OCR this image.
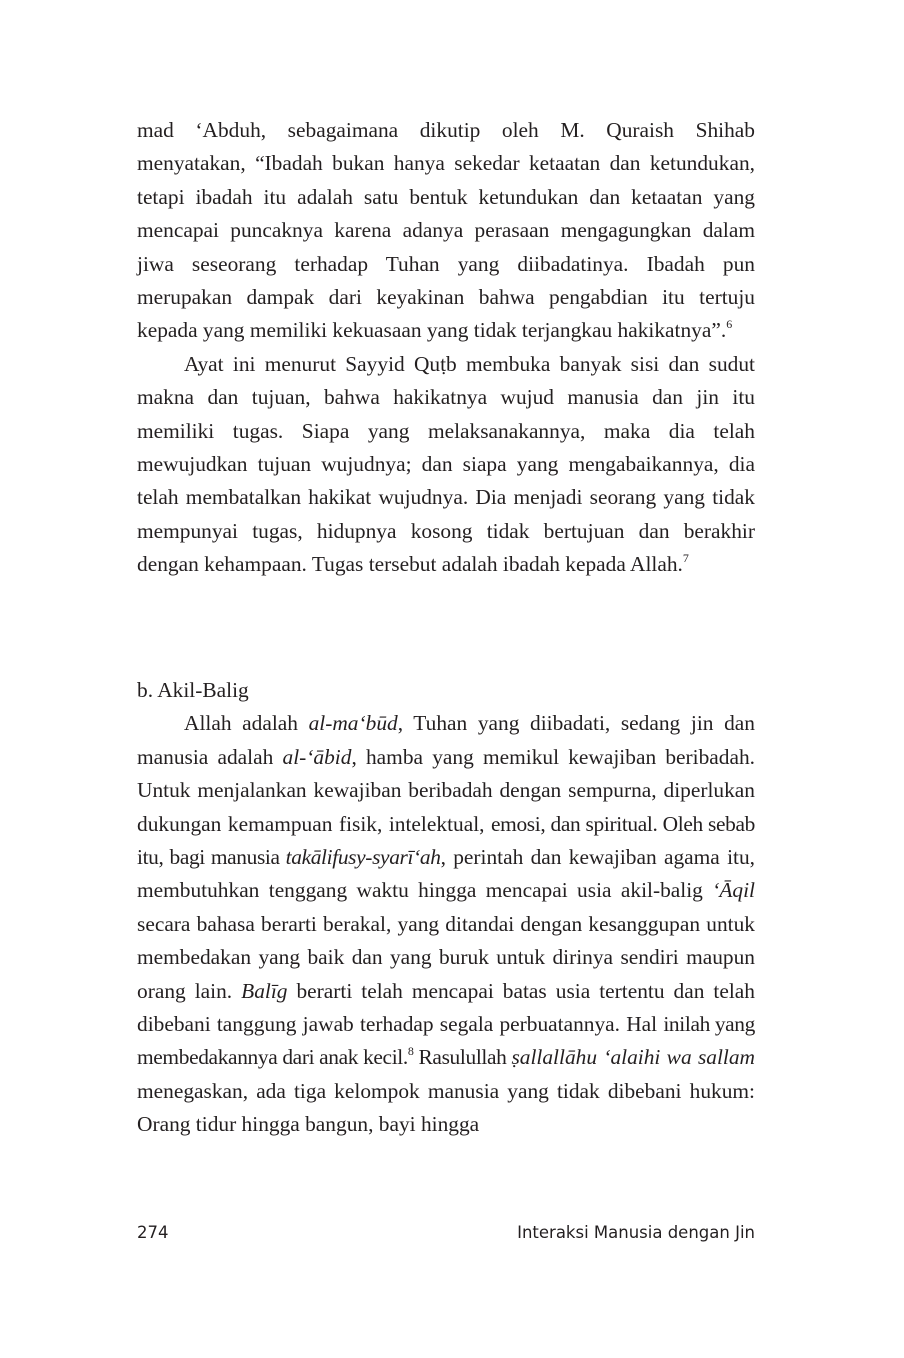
mad ‘Abduh, sebagaimana dikutip oleh M. Quraish Shihab menyatakan, “Ibadah bukan hanya sekedar ketaatan dan ketundukan, tetapi ibadah itu adalah satu bentuk ketundukan dan ketaatan yang mencapai puncaknya karena adanya perasaan mengagungkan dalam jiwa seseorang terhadap Tuhan yang diibadatinya. Ibadah pun merupakan dampak dari keyakinan bahwa pengabdian itu tertuju kepada yang memiliki kekuasaan yang tidak terjangkau hakikatnya”.$^6$

Ayat ini menurut Sayyid Quṭb membuka banyak sisi dan sudut makna dan tujuan, bahwa hakikatnya wujud manusia dan jin itu memiliki tugas. Siapa yang melaksanakannya, maka dia telah mewujudkan tujuan wujudnya; dan siapa yang mengabaikannya, dia telah membatalkan hakikat wujudnya. Dia menjadi seorang yang tidak mempunyai tugas, hidupnya kosong tidak bertujuan dan berakhir dengan kehampaan. Tugas tersebut adalah ibadah kepada Allah.$^7$

b. Akil-Balig

Allah adalah al-ma‘būd, Tuhan yang diibadati, sedang jin dan manusia adalah al-‘ābid, hamba yang memikul kewajiban beribadah. Untuk menjalankan kewajiban beribadah dengan sempurna, diperlukan dukungan kemampuan fisik, intelektual, emosi, dan spiritual. Oleh sebab itu, bagi manusia takālifusy-syarī‘ah, perintah dan kewajiban agama itu, membutuhkan tenggang waktu hingga mencapai usia akil-balig ‘Āqil secara bahasa berarti berakal, yang ditandai dengan kesanggupan untuk membedakan yang baik dan yang buruk untuk dirinya sendiri maupun orang lain. Balīg berarti telah mencapai batas usia tertentu dan telah dibebani tanggung jawab terhadap segala perbuatannya. Hal inilah yang membedakannya dari anak kecil.$^8$ Rasulullah ṣallallāhu ‘alaihi wa sallam menegaskan, ada tiga kelompok manusia yang tidak dibebani hukum: Orang tidur hingga bangun, bayi hingga

274	Interaksi Manusia dengan Jin
